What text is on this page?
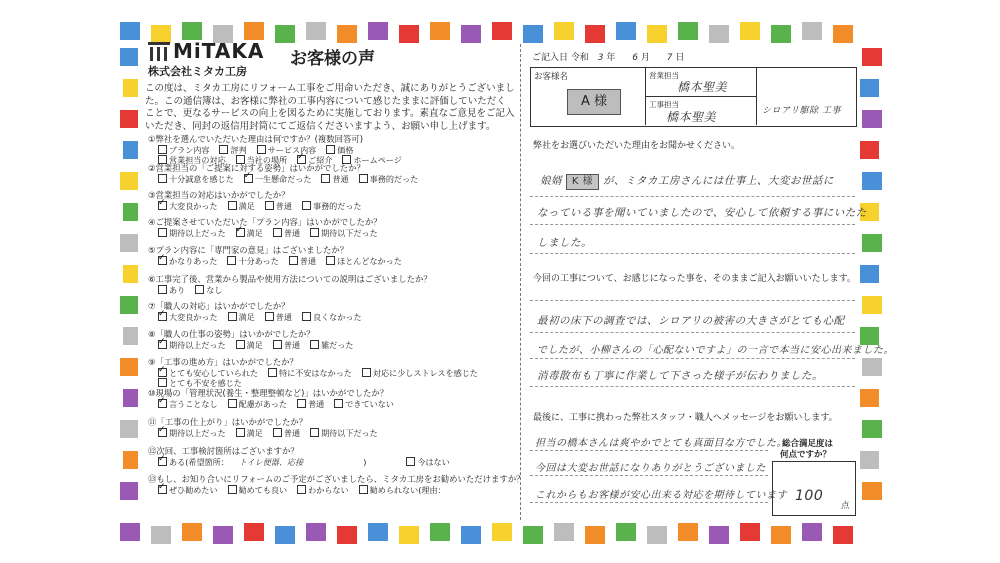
MiTAKA
株式会社ミタカ工房
お客様の声
この度は、ミタカ工房にリフォーム工事をご用命いただき、誠にありがとうございました。この通信簿は、お客様に弊社の工事内容について感じたままに評価していただくことで、更なるサービスの向上を図るために実施しております。素直なご意見をご記入いただき、同封の返信用封筒にてご返信くださいますよう、お願い申し上げます。
①弊社を選んでいただいた理由は何ですか？(複数回答可)
プラン内容	評判	サービス内容	価格
営業担当の対応	当社の場所 ✓	ご紹介	ホームページ
②営業担当の「ご提案に対する姿勢」はいかがでしたか？
十分誠意を感じた ✓	一生懸命だった	普通	事務的だった
③営業担当の対応はいかがでしたか？
✓大変良かった	満足	普通	事務的だった
④ご提案させていただいた「プラン内容」はいかがでしたか？
期待以上だった ✓	満足	普通	期待以下だった
⑤プラン内容に「専門家の意見」はございましたか？
✓かなりあった	十分あった	普通	ほとんどなかった
⑥工事完了後、営業から製品や使用方法についての説明はございましたか？
あり	なし
⑦「職人の対応」はいかがでしたか？
✓大変良かった	満足	普通	良くなかった
⑧「職人の仕事の姿勢」はいかがでしたか？
✓期待以上だった	満足	普通	雑だった
⑨「工事の進め方」はいかがでしたか？
✓とても安心していられた	特に不安はなかった	対応に少しストレスを感じた
とても不安を感じた
⑩現場の「管理状況(養生・整理整頓など)」はいかがでしたか？
✓言うことなし	配慮があった	普通	できていない
⑪「工事の仕上がり」はいかがでしたか？
✓期待以上だった	満足	普通	期待以下だった
⑫次回、工事検討箇所はございますか？
✓ある(希望箇所： トイレ便器、応接	)	今はない
⑬もし、お知り合いにリフォームのご予定がございましたら、ミタカ工房をお勧めいただけますか？
✓ぜひ勧めたい	勧めても良い	わからない	勧められない(理由：
ご記入日 令和 3 年 6 月 7 日
お客様名
A 様
営業担当
橋本聖美
工事担当
橋本聖美	シロアリ駆除 工事
弊社をお選びいただいた理由をお聞かせください。
娘婿 K 様 が、ミタカ工房さんには仕事上、大変お世話に
なっている事を聞いていましたので、安心して依頼する事にいたた
しました。
今回の工事について、お感じになった事を、そのままご記入お願いいたします。
最初の床下の調査では、シロアリの被害の大きさがとても心配
でしたが、小柳さんの「心配ないですよ」の一言で本当に安心出来ました。
消毒散布も丁寧に作業して下さった様子が伝わりました。
最後に、工事に携わった弊社スタッフ・職人へメッセージをお願いします。
担当の橋本さんは爽やかでとても真面目な方でした。
今回は大変お世話になりありがとうございました
これからもお客様が安心出来る対応を期待しています
総合満足度は
何点ですか？
100
点
